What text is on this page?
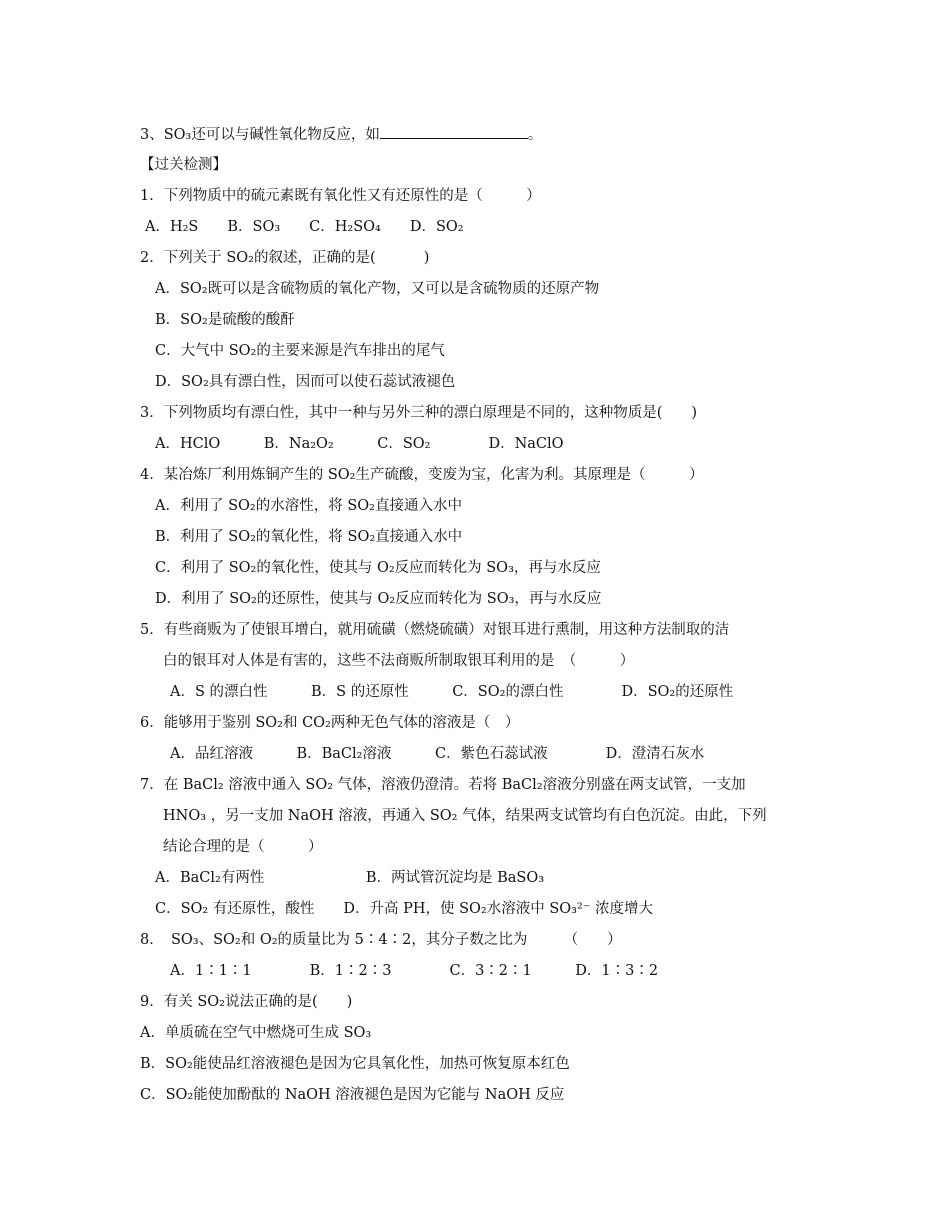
3、SO₃还可以与碱性氧化物反应，如	。
【过关检测】
1．下列物质中的硫元素既有氧化性又有还原性的是（　　　）
A．H₂S　　B．SO₃　　C．H₂SO₄　　D．SO₂
2．下列关于 SO₂的叙述，正确的是(　　　 )
A．SO₂既可以是含硫物质的氧化产物，又可以是含硫物质的还原产物
B．SO₂是硫酸的酸酐
C．大气中 SO₂的主要来源是汽车排出的尾气
D．SO₂具有漂白性，因而可以使石蕊试液褪色
3．下列物质均有漂白性，其中一种与另外三种的漂白原理是不同的，这种物质是(　　)
A．HClO　　　B．Na₂O₂　　　C．SO₂　　　　D．NaClO
4．某冶炼厂利用炼铜产生的 SO₂生产硫酸，变废为宝，化害为利。其原理是（　　　）
A．利用了 SO₂的水溶性，将 SO₂直接通入水中
B．利用了 SO₂的氧化性，将 SO₂直接通入水中
C．利用了 SO₂的氧化性，使其与 O₂反应而转化为 SO₃，再与水反应
D．利用了 SO₂的还原性，使其与 O₂反应而转化为 SO₃，再与水反应
5．有些商贩为了使银耳增白，就用硫磺（燃烧硫磺）对银耳进行熏制，用这种方法制取的洁
白的银耳对人体是有害的，这些不法商贩所制取银耳利用的是　（　　　）
A．S 的漂白性　　　B．S 的还原性　　　C．SO₂的漂白性　　　　D．SO₂的还原性
6．能够用于鉴别 SO₂和 CO₂两种无色气体的溶液是（　）
A．品红溶液　　　B．BaCl₂溶液　　　C．紫色石蕊试液　　　　D．澄清石灰水
7．在 BaCl₂ 溶液中通入 SO₂ 气体，溶液仍澄清。若将 BaCl₂溶液分别盛在两支试管，一支加
HNO₃ ，另一支加 NaOH 溶液，再通入 SO₂ 气体，结果两支试管均有白色沉淀。由此，下列
结论合理的是（　　　）
A．BaCl₂有两性　　　　　　　B．两试管沉淀均是 BaSO₃
C．SO₂ 有还原性，酸性　　D．升高 PH，使 SO₂水溶液中 SO₃²⁻ 浓度增大
8．　SO₃、SO₂和 O₂的质量比为 5∶4∶2，其分子数之比为　　　（　　）
A．1∶1∶1　　　　B．1∶2∶3　　　　C．3∶2∶1　　　D．1∶3∶2
9．有关 SO₂说法正确的是(　　)
A．单质硫在空气中燃烧可生成 SO₃
B．SO₂能使品红溶液褪色是因为它具氧化性，加热可恢复原本红色
C．SO₂能使加酚酞的 NaOH 溶液褪色是因为它能与 NaOH 反应
